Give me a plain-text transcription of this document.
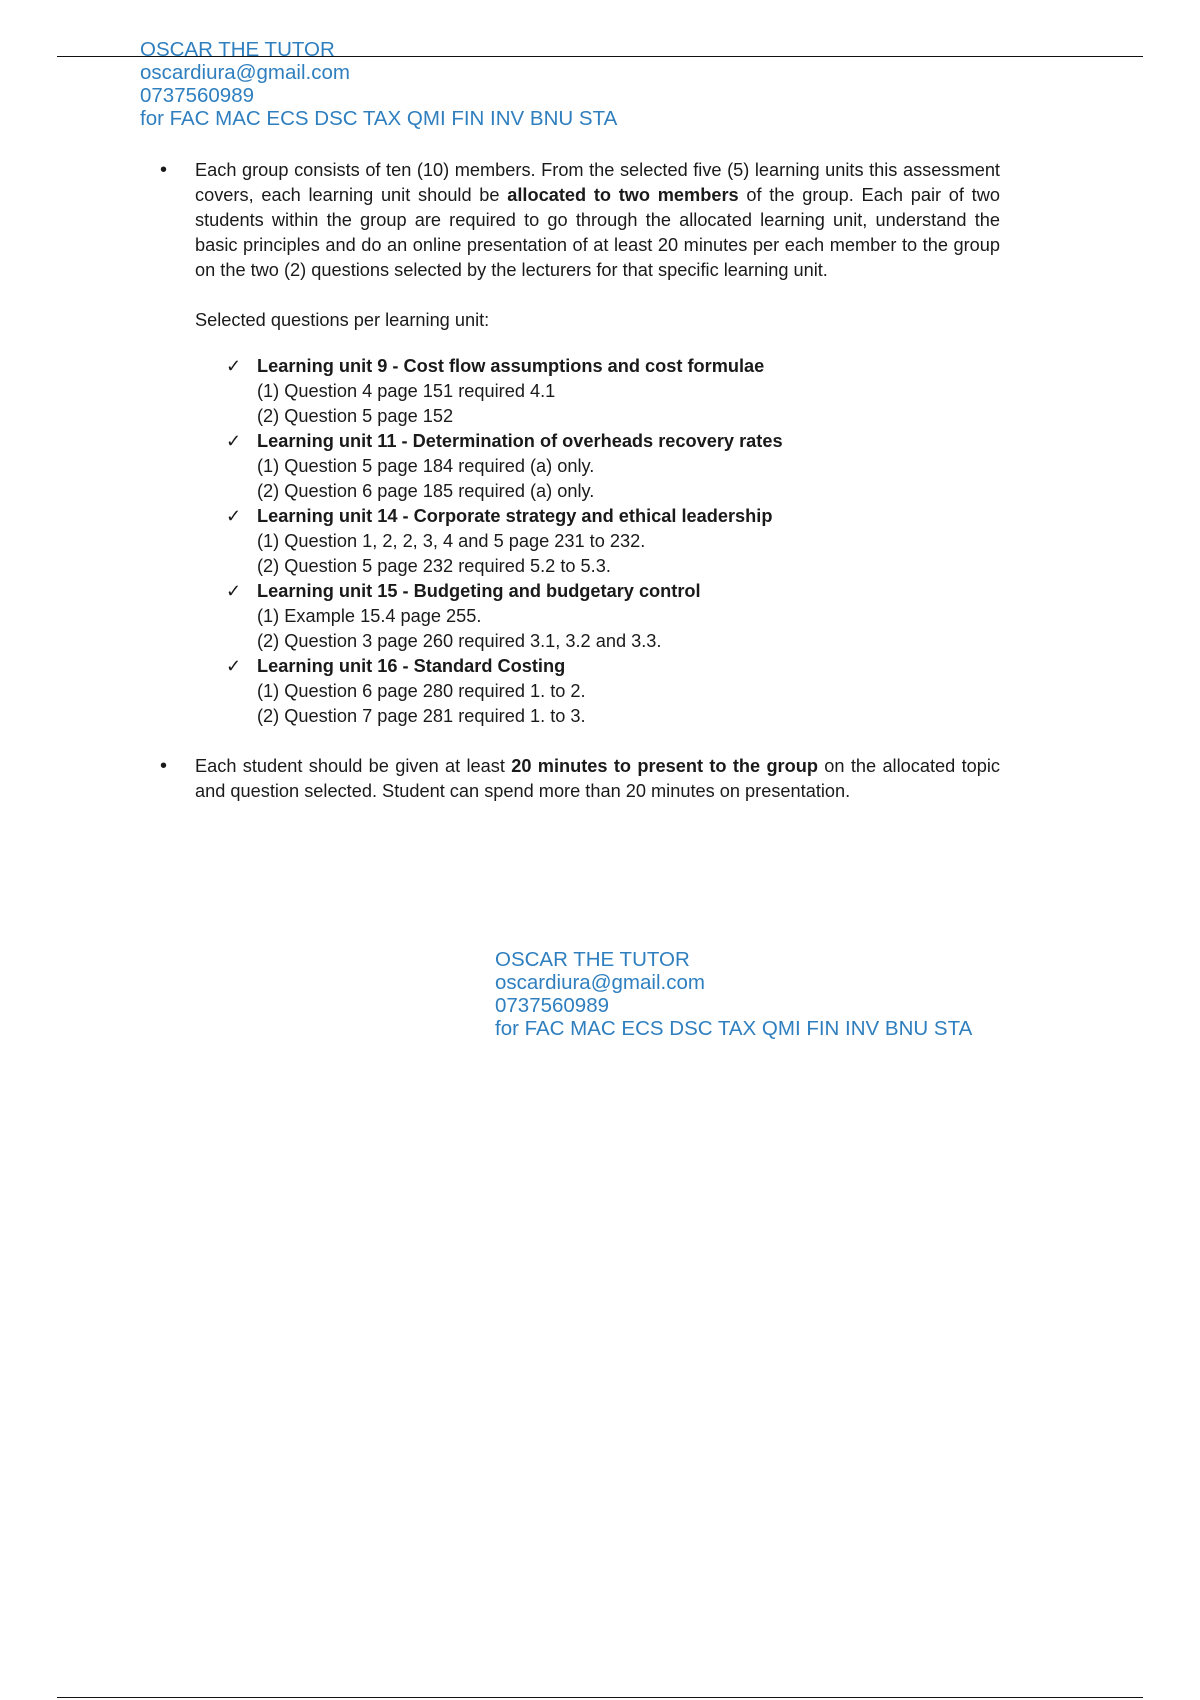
OSCAR THE TUTOR
oscardiura@gmail.com
0737560989
for FAC MAC ECS DSC TAX QMI FIN INV BNU STA
• Each group consists of ten (10) members. From the selected five (5) learning units this assessment covers, each learning unit should be allocated to two members of the group. Each pair of two students within the group are required to go through the allocated learning unit, understand the basic principles and do an online presentation of at least 20 minutes per each member to the group on the two (2) questions selected by the lecturers for that specific learning unit.

Selected questions per learning unit:

✓ Learning unit 9 - Cost flow assumptions and cost formulae
(1) Question 4 page 151 required 4.1
(2) Question 5 page 152
✓ Learning unit 11 - Determination of overheads recovery rates
(1) Question 5 page 184 required (a) only.
(2) Question 6 page 185 required (a) only.
✓ Learning unit 14 - Corporate strategy and ethical leadership
(1) Question 1, 2, 2, 3, 4 and 5 page 231 to 232.
(2) Question 5 page 232 required 5.2 to 5.3.
✓ Learning unit 15 - Budgeting and budgetary control
(1) Example 15.4 page 255.
(2) Question 3 page 260 required 3.1, 3.2 and 3.3.
✓ Learning unit 16 - Standard Costing
(1) Question 6 page 280 required 1. to 2.
(2) Question 7 page 281 required 1. to 3.
• Each student should be given at least 20 minutes to present to the group on the allocated topic and question selected. Student can spend more than 20 minutes on presentation.

OSCAR THE TUTOR
oscardiura@gmail.com
0737560989
for FAC MAC ECS DSC TAX QMI FIN INV BNU STA
